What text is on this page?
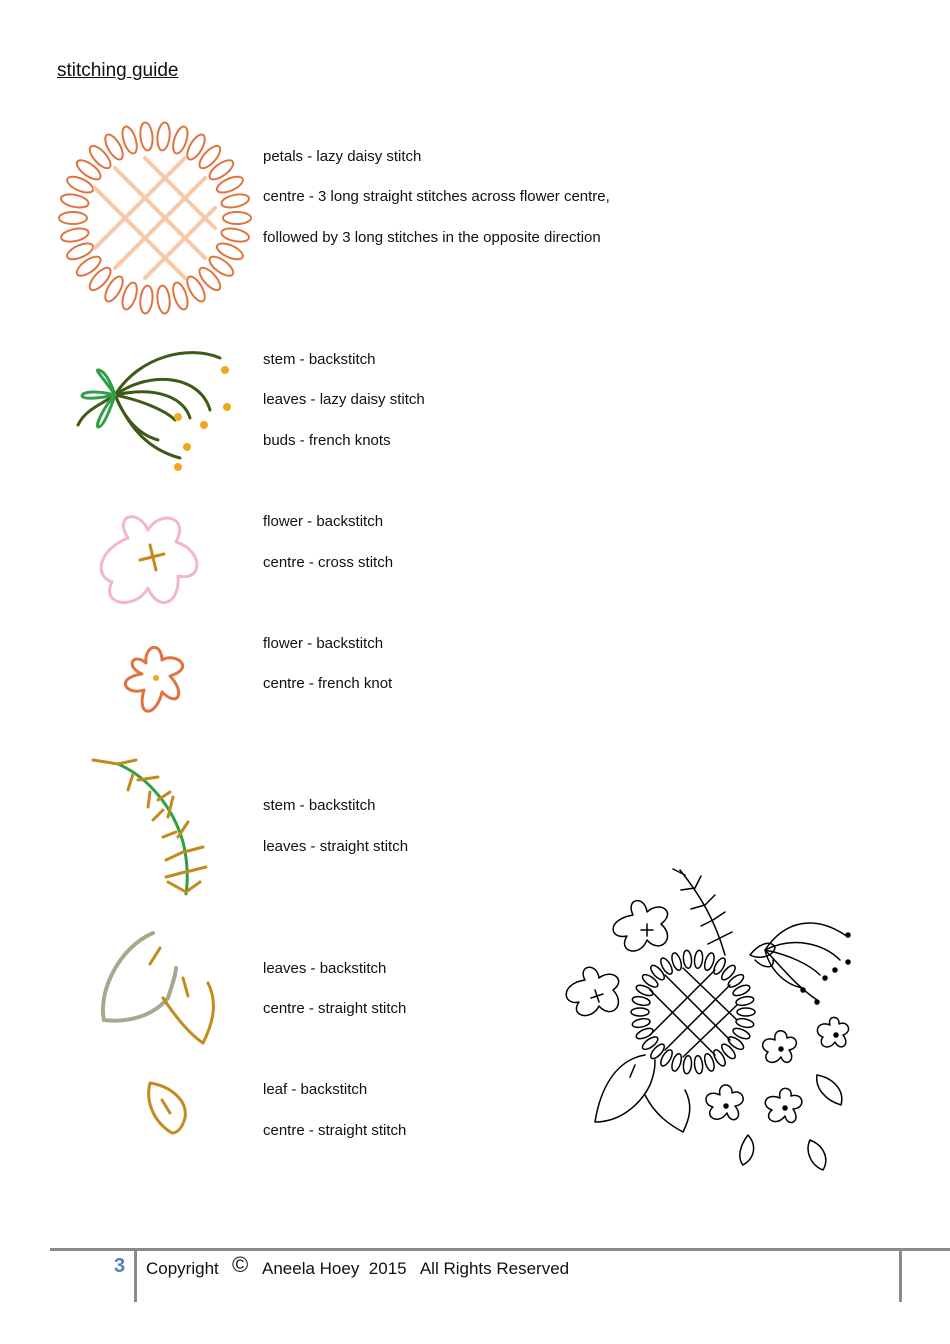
stitching guide
petals - lazy daisy stitch
centre - 3 long straight stitches across flower centre,
followed by 3 long stitches in the opposite direction
stem - backstitch
leaves - lazy daisy stitch
buds - french knots
flower - backstitch
centre - cross stitch
flower - backstitch
centre - french knot
stem - backstitch
leaves - straight stitch
leaves - backstitch
centre - straight stitch
leaf - backstitch
centre - straight stitch
3 Copyright © Aneela Hoey  2015   All Rights Reserved
